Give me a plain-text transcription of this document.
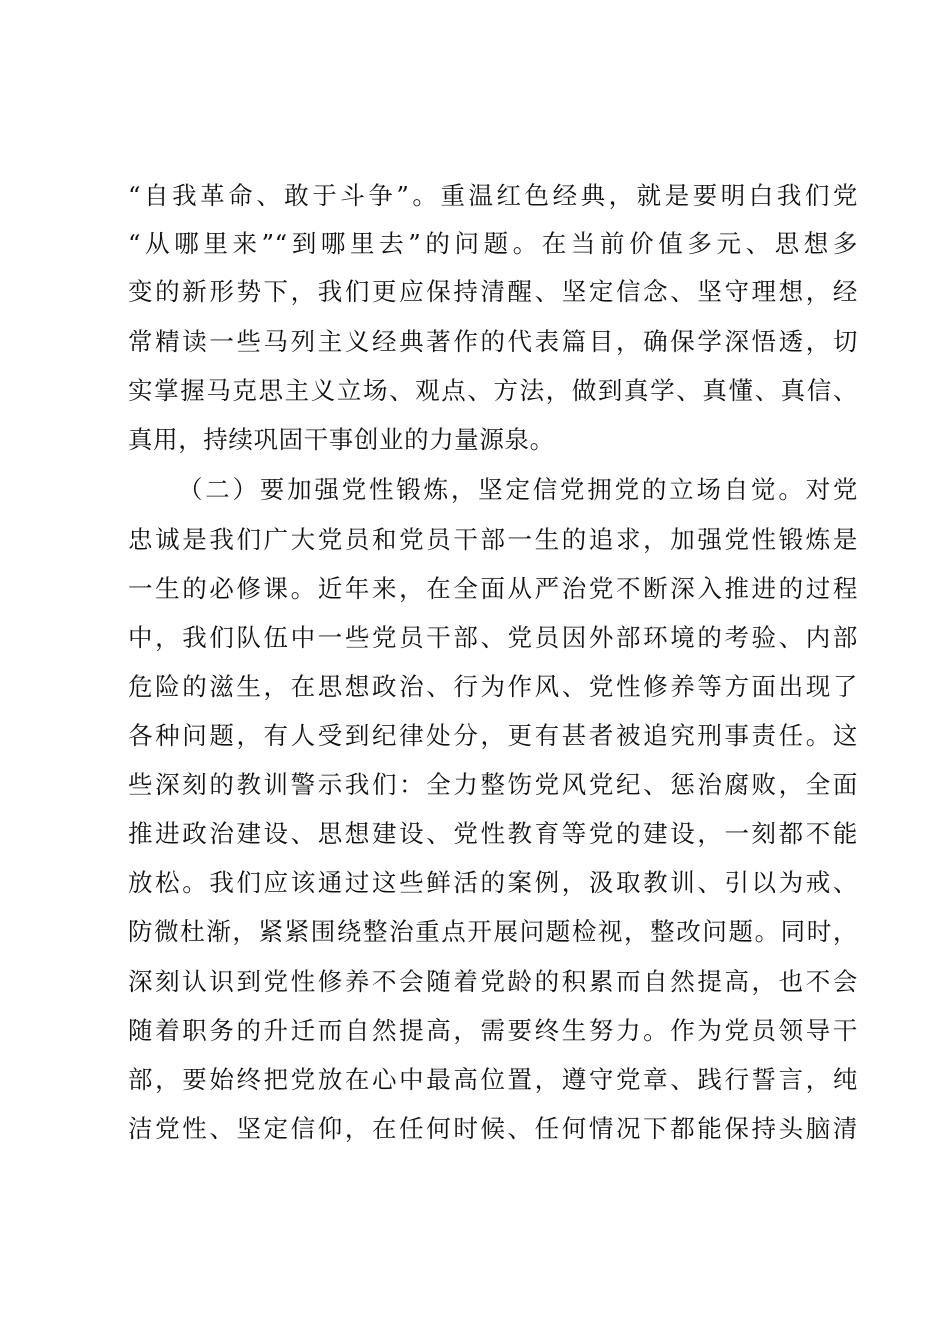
“自我革命、敢于斗争”。重温红色经典，就是要明白我们党
“从哪里来”“到哪里去”的问题。在当前价值多元、思想多
变的新形势下，我们更应保持清醒、坚定信念、坚守理想，经
常精读一些马列主义经典著作的代表篇目，确保学深悟透，切
实掌握马克思主义立场、观点、方法，做到真学、真懂、真信、
真用，持续巩固干事创业的力量源泉。
（二）要加强党性锻炼，坚定信党拥党的立场自觉。对党
忠诚是我们广大党员和党员干部一生的追求，加强党性锻炼是
一生的必修课。近年来，在全面从严治党不断深入推进的过程
中，我们队伍中一些党员干部、党员因外部环境的考验、内部
危险的滋生，在思想政治、行为作风、党性修养等方面出现了
各种问题，有人受到纪律处分，更有甚者被追究刑事责任。这
些深刻的教训警示我们：全力整饬党风党纪、惩治腐败，全面
推进政治建设、思想建设、党性教育等党的建设，一刻都不能
放松。我们应该通过这些鲜活的案例，汲取教训、引以为戒、
防微杜渐，紧紧围绕整治重点开展问题检视，整改问题。同时，
深刻认识到党性修养不会随着党龄的积累而自然提高，也不会
随着职务的升迁而自然提高，需要终生努力。作为党员领导干
部，要始终把党放在心中最高位置，遵守党章、践行誓言，纯
洁党性、坚定信仰，在任何时候、任何情况下都能保持头脑清
